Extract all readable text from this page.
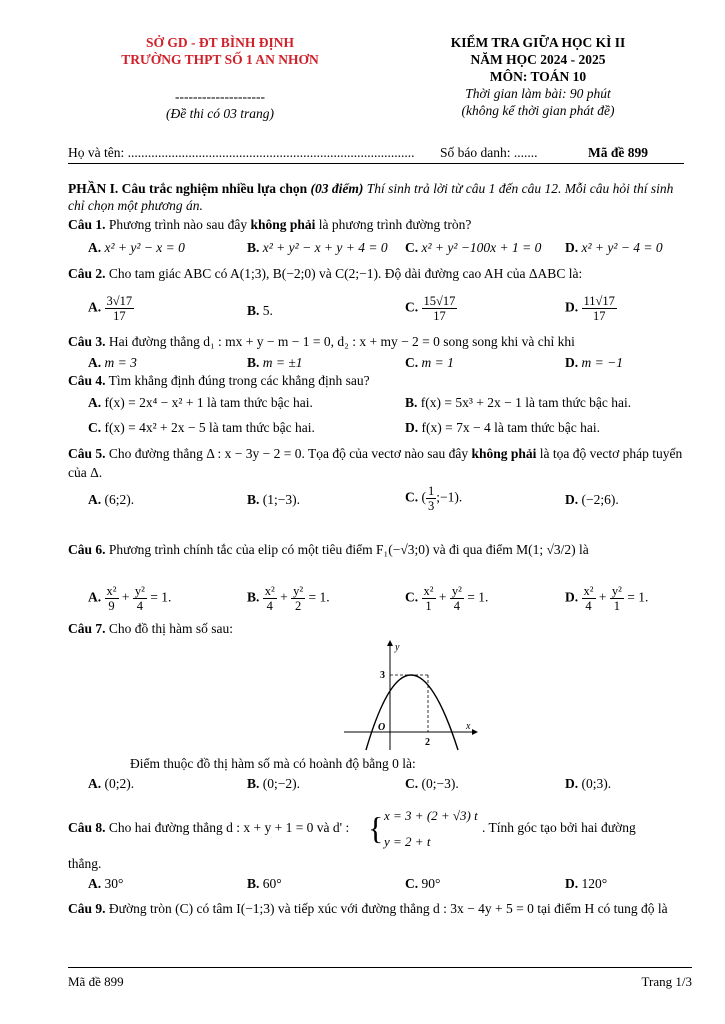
SỞ GD - ĐT BÌNH ĐỊNH
TRƯỜNG THPT SỐ 1 AN NHƠN
--------------------
(Đề thi có 03 trang)
KIỂM TRA GIỮA HỌC KÌ II
NĂM HỌC 2024 - 2025
MÔN: TOÁN 10
Thời gian làm bài: 90 phút
(không kể thời gian phát đề)
Họ và tên: ..................................................................................... Số báo danh: .......	Mã đề 899
PHẦN I. Câu trắc nghiệm nhiều lựa chọn (03 điểm) Thí sinh trả lời từ câu 1 đến câu 12. Mỗi câu hỏi thí sinh chỉ chọn một phương án.
Câu 1. Phương trình nào sau đây không phải là phương trình đường tròn?
A. x² + y² − x = 0	B. x² + y² − x + y + 4 = 0 C. x² + y² −100x + 1 = 0 D. x² + y² − 4 = 0
Câu 2. Cho tam giác ABC có A(1;3), B(−2;0) và C(2;−1). Độ dài đường cao AH của ΔABC là:
A. $\frac{3√17}{17}$	B. 5.	C. $\frac{15√17}{17}$	D. $\frac{11√17}{17}$
Câu 3. Hai đường thẳng d₁ : mx + y − m − 1 = 0, d₂ : x + my − 2 = 0 song song khi và chỉ khi
A. m = 3	B. m = ±1	C. m = 1	D. m = −1
Câu 4. Tìm khẳng định đúng trong các khẳng định sau?
A. f(x) = 2x⁴ − x² + 1 là tam thức bậc hai.	B. f(x) = 5x³ + 2x − 1 là tam thức bậc hai.
C. f(x) = 4x² + 2x − 5 là tam thức bậc hai.	D. f(x) = 7x − 4 là tam thức bậc hai.
Câu 5. Cho đường thẳng Δ : x − 3y − 2 = 0. Tọa độ của vectơ nào sau đây không phải là tọa độ vectơ pháp tuyến của Δ.
A. (6;2).	B. (1;−3).	C. ( $\frac{1}{3}$ ;−1).	D. (−2;6).
Câu 6. Phương trình chính tắc của elip có một tiêu điểm F₁(−√3;0) và đi qua điểm M(1; √3/2) là
A. $\frac{\text{x²}}{9} + \frac{\text{y²}}{4} = 1$.	B. $\frac{\text{x²}}{4} + \frac{\text{y²}}{2} = 1$.	C. $\frac{\text{x²}}{1} + \frac{\text{y²}}{4} = 1$.	D. $\frac{\text{x²}}{4} + \frac{\text{y²}}{1} = 1$.
Câu 7. Cho đồ thị hàm số sau:
y
x
O
3
2
Điểm thuộc đồ thị hàm số mà có hoành độ bằng 0 là:
A. (0;2).	B. (0;−2).	C. (0;−3).	D. (0;3).
Câu 8. Cho hai đường thẳng d : x + y + 1 = 0 và d' : { x = 3 + (2 + √3) t
y = 2 + t
. Tính góc tạo bởi hai đường
thẳng.
A. 30°	B. 60°	C. 90°	D. 120°
Câu 9. Đường tròn (C) có tâm I(−1;3) và tiếp xúc với đường thẳng d : 3x − 4y + 5 = 0 tại điểm H có tung độ là
Mã đề 899	Trang 1/3
